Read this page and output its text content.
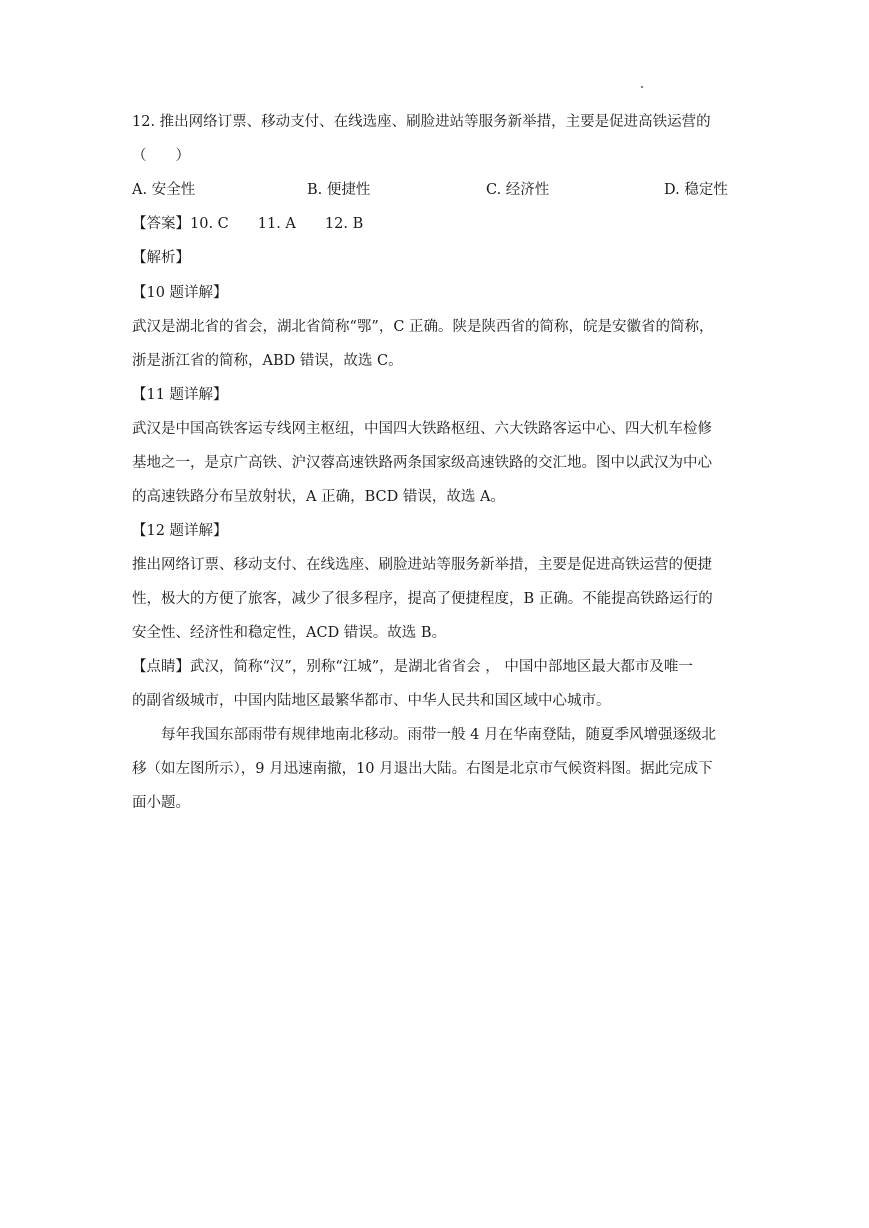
12. 推出网络订票、移动支付、在线选座、刷脸进站等服务新举措，主要是促进高铁运营的
（　　）
A. 安全性	B. 便捷性	C. 经济性	D. 稳定性
【答案】10. C　　11. A　　12. B
【解析】
【10 题详解】
武汉是湖北省的省会，湖北省简称“鄂”，C 正确。陕是陕西省的简称，皖是安徽省的简称，
浙是浙江省的简称，ABD 错误，故选 C。
【11 题详解】
武汉是中国高铁客运专线网主枢纽，中国四大铁路枢纽、六大铁路客运中心、四大机车检修
基地之一，是京广高铁、沪汉蓉高速铁路两条国家级高速铁路的交汇地。图中以武汉为中心
的高速铁路分布呈放射状，A 正确，BCD 错误，故选 A。
【12 题详解】
推出网络订票、移动支付、在线选座、刷脸进站等服务新举措，主要是促进高铁运营的便捷
性，极大的方便了旅客，减少了很多程序，提高了便捷程度，B 正确。不能提高铁路运行的
安全性、经济性和稳定性，ACD 错误。故选 B。
【点睛】武汉，简称“汉”，别称“江城”，是湖北省省会 ， 中国中部地区最大都市及唯一
的副省级城市，中国内陆地区最繁华都市、中华人民共和国区域中心城市。
　　每年我国东部雨带有规律地南北移动。雨带一般 4 月在华南登陆，随夏季风增强逐级北
移（如左图所示），9 月迅速南撤，10 月退出大陆。右图是北京市气候资料图。据此完成下
面小题。
